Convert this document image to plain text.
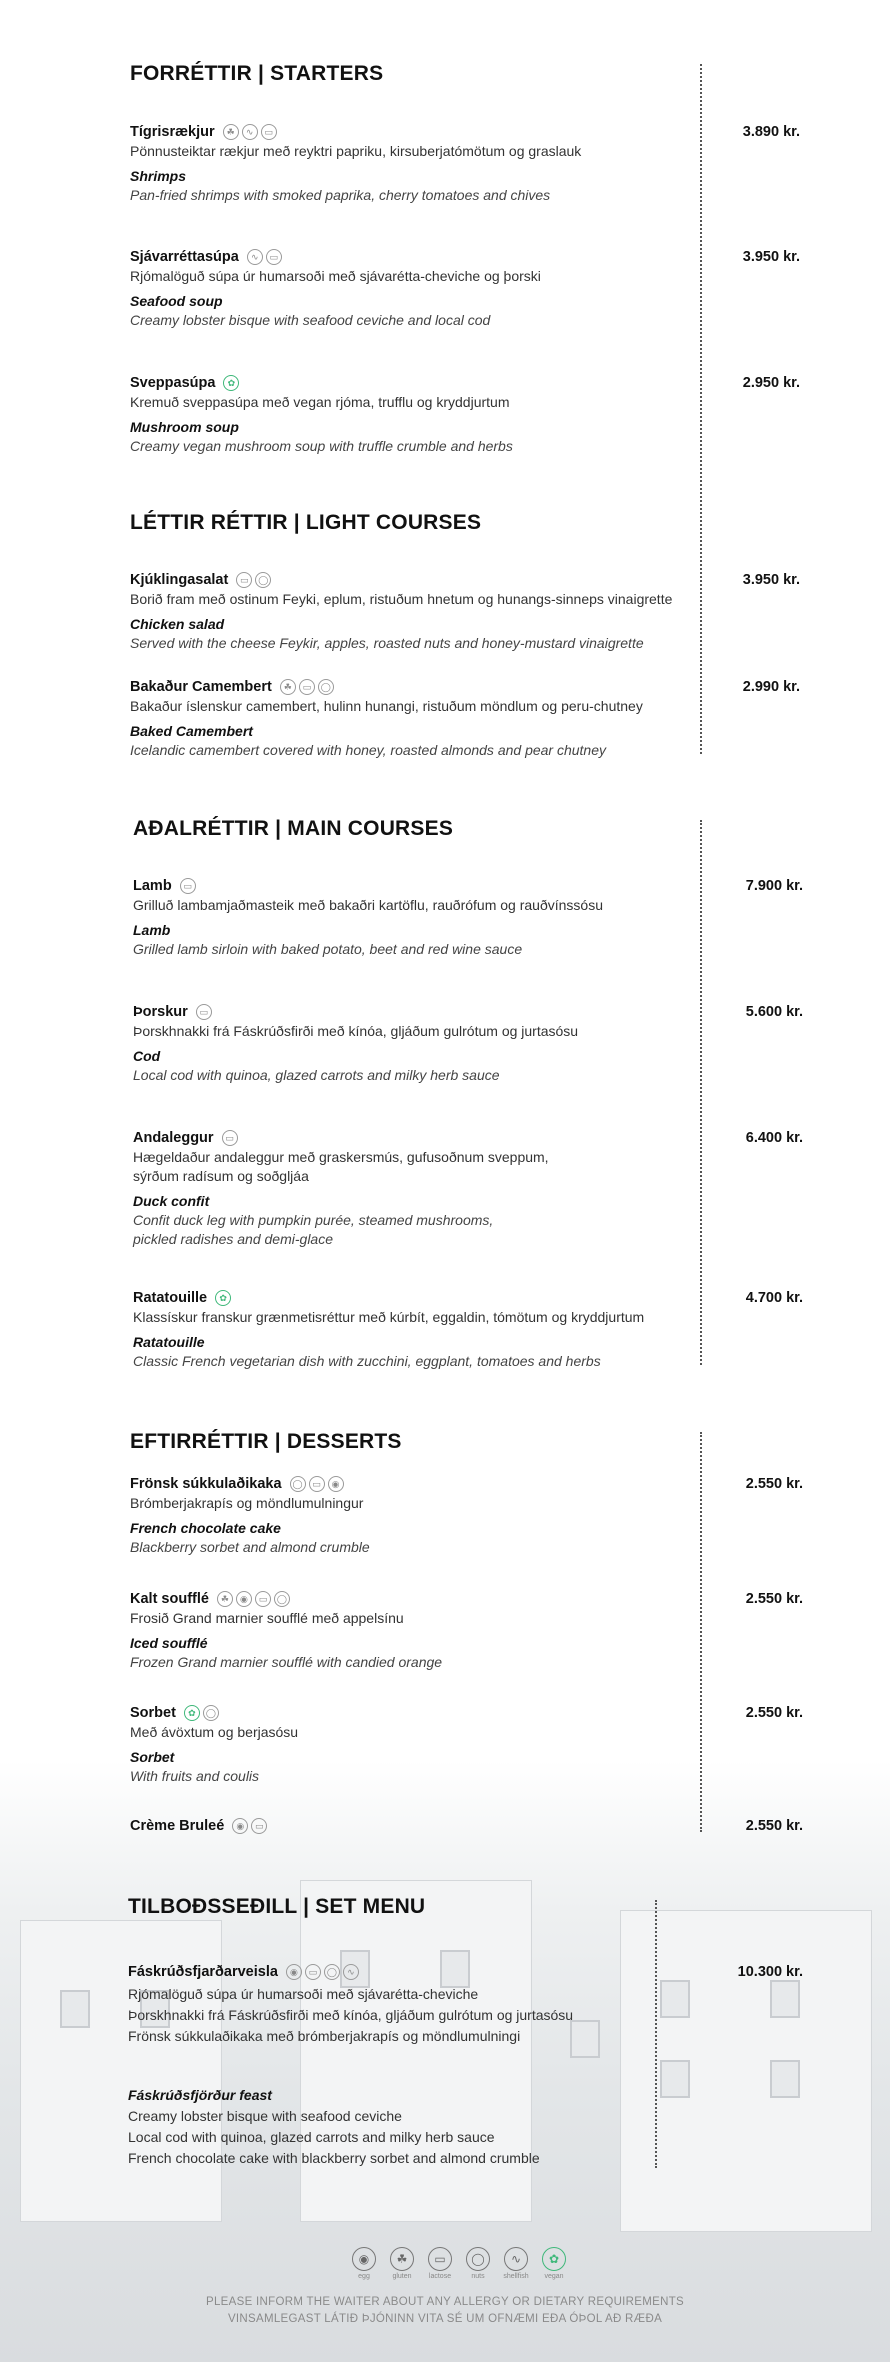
FORRÉTTIR | STARTERS
Tígrisrækjur	☘	∿	▭
Pönnusteiktar rækjur með reyktri papriku, kirsuberjatómötum og graslauk
Shrimps
Pan-fried shrimps with smoked paprika, cherry tomatoes and chives
3.890 kr.
Sjávarréttasúpa	∿	▭
Rjómalöguð súpa úr humarsoði með sjávarétta-cheviche og þorski
Seafood soup
Creamy lobster bisque with seafood ceviche and local cod
3.950 kr.
Sveppasúpa	✿
Kremuð sveppasúpa með vegan rjóma, trufflu og kryddjurtum
Mushroom soup
Creamy vegan mushroom soup with truffle crumble and herbs
2.950 kr.
LÉTTIR RÉTTIR | LIGHT COURSES
Kjúklingasalat	▭	◯
Borið fram með ostinum Feyki, eplum, ristuðum hnetum og hunangs-sinneps vinaigrette
Chicken salad
Served with the cheese Feykir, apples, roasted nuts and honey-mustard vinaigrette
3.950 kr.
Bakaður Camembert	☘	▭	◯
Bakaður íslenskur camembert, hulinn hunangi, ristuðum möndlum og peru-chutney
Baked Camembert
Icelandic camembert covered with honey, roasted almonds and pear chutney
2.990 kr.
AÐALRÉTTIR | MAIN COURSES
Lamb	▭
Grilluð lambamjaðmasteik með bakaðri kartöflu, rauðrófum og rauðvínssósu
Lamb
Grilled lamb sirloin with baked potato, beet and red wine sauce
7.900 kr.
Þorskur	▭
Þorskhnakki frá Fáskrúðsfirði með kínóa, gljáðum gulrótum og jurtasósu
Cod
Local cod with quinoa, glazed carrots and milky herb sauce
5.600 kr.
Andaleggur	▭
Hægeldaður andaleggur með graskersmús, gufusoðnum sveppum,
sýrðum radísum og soðgljáa
Duck confit
Confit duck leg with pumpkin purée, steamed mushrooms,
pickled radishes and demi-glace
6.400 kr.
Ratatouille	✿
Klassískur franskur grænmetisréttur með kúrbít, eggaldin, tómötum og kryddjurtum
Ratatouille
Classic French vegetarian dish with zucchini, eggplant, tomatoes and herbs
4.700 kr.
EFTIRRÉTTIR | DESSERTS
Frönsk súkkulaðikaka	◯	▭	◉
Brómberjakrapís og möndlumulningur
French chocolate cake
Blackberry sorbet and almond crumble
2.550 kr.
Kalt soufflé	☘	◉	▭	◯
Frosið Grand marnier soufflé með appelsínu
Iced soufflé
Frozen Grand marnier soufflé with candied orange
2.550 kr.
Sorbet	✿	◯
Með ávöxtum og berjasósu
Sorbet
With fruits and coulis
2.550 kr.
Crème Bruleé	◉	▭	2.550 kr.
TILBOÐSSEÐILL | SET MENU
Fáskrúðsfjarðarveisla	◉	▭	◯	∿
Rjómalöguð súpa úr humarsoði með sjávarétta-cheviche
Þorskhnakki frá Fáskrúðsfirði með kínóa, gljáðum gulrótum og jurtasósu
Frönsk súkkulaðikaka með brómberjakrapís og möndlumulningi
Fáskrúðsfjörður feast
Creamy lobster bisque with seafood ceviche
Local cod with quinoa, glazed carrots and milky herb sauce
French chocolate cake with blackberry sorbet and almond crumble
10.300 kr.
◉
egg
☘
gluten
▭
lactose
◯
nuts
∿
shellfish
✿
vegan
PLEASE INFORM THE WAITER ABOUT ANY ALLERGY OR DIETARY REQUIREMENTS
VINSAMLEGAST LÁTIÐ ÞJÓNINN VITA SÉ UM OFNÆMI EÐA ÓÞOL AÐ RÆÐA
